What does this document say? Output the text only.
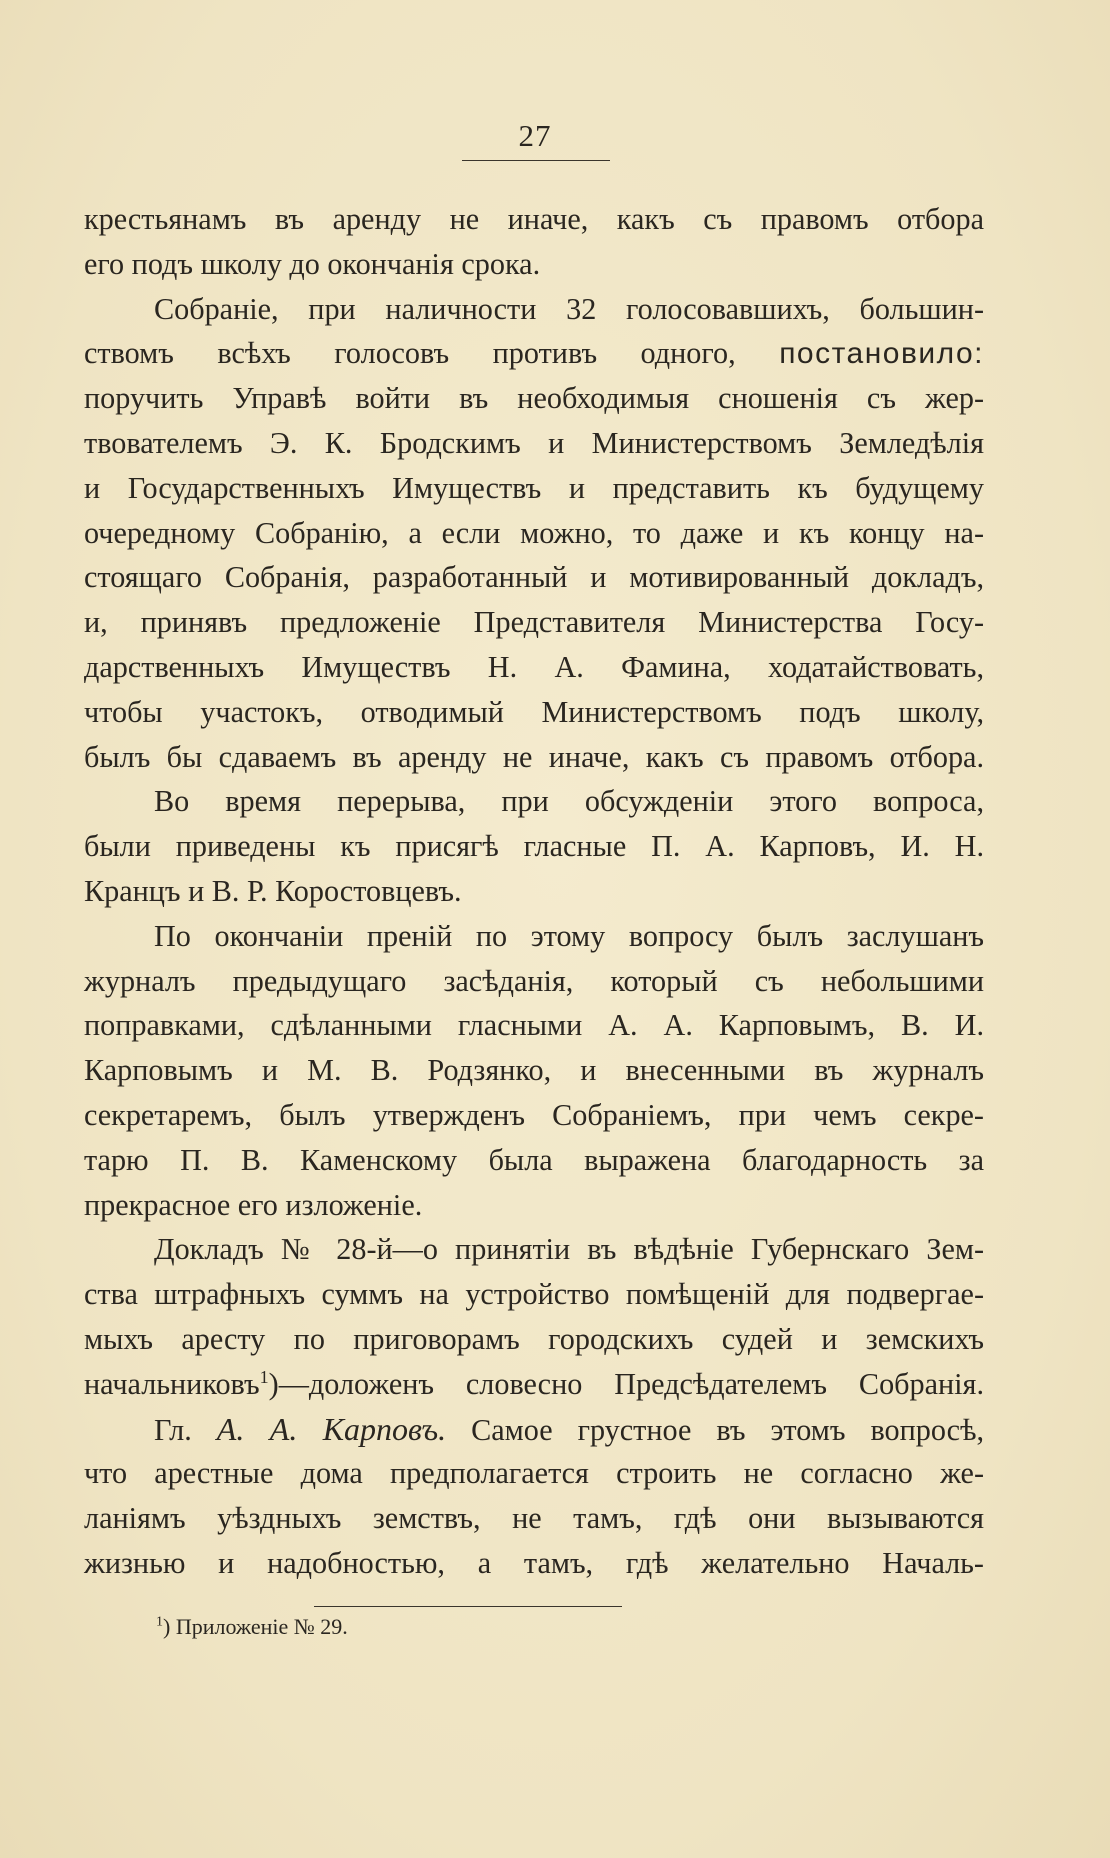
27
крестьянамъ въ аренду не иначе, какъ съ правомъ отбора
его подъ школу до окончанія срока.
Собраніе, при наличности 32 голосовавшихъ, большин-
ствомъ всѣхъ голосовъ противъ одного, постановило:
поручить Управѣ войти въ необходимыя сношенія съ жер-
твователемъ Э. К. Бродскимъ и Министерствомъ Земледѣлія
и Государственныхъ Имуществъ и представить къ будущему
очередному Собранію, а если можно, то даже и къ концу на-
стоящаго Собранія, разработанный и мотивированный докладъ,
и, принявъ предложеніе Представителя Министерства Госу-
дарственныхъ Имуществъ Н. А. Фамина, ходатайствовать,
чтобы участокъ, отводимый Министерствомъ подъ школу,
былъ бы сдаваемъ въ аренду не иначе, какъ съ правомъ отбора.
Во время перерыва, при обсужденіи этого вопроса,
были приведены къ присягѣ гласные П. А. Карповъ, И. Н.
Кранцъ и В. Р. Коростовцевъ.
По окончаніи преній по этому вопросу былъ заслушанъ
журналъ предыдущаго засѣданія, который съ небольшими
поправками, сдѣланными гласными А. А. Карповымъ, В. И.
Карповымъ и М. В. Родзянко, и внесенными въ журналъ
секретаремъ, былъ утвержденъ Собраніемъ, при чемъ секре-
тарю П. В. Каменскому была выражена благодарность за
прекрасное его изложеніе.
Докладъ № 28-й—о принятіи въ вѣдѣніе Губернскаго Зем-
ства штрафныхъ суммъ на устройство помѣщеній для подвергае-
мыхъ аресту по приговорамъ городскихъ судей и земскихъ
начальниковъ$^1$)—доложенъ словесно Предсѣдателемъ Собранія.
Гл. А. А. Карповъ. Самое грустное въ этомъ вопросѣ,
что арестные дома предполагается строить не согласно же-
ланіямъ уѣздныхъ земствъ, не тамъ, гдѣ они вызываются
жизнью и надобностью, а тамъ, гдѣ желательно Началь-
$^1$) Приложеніе № 29.
